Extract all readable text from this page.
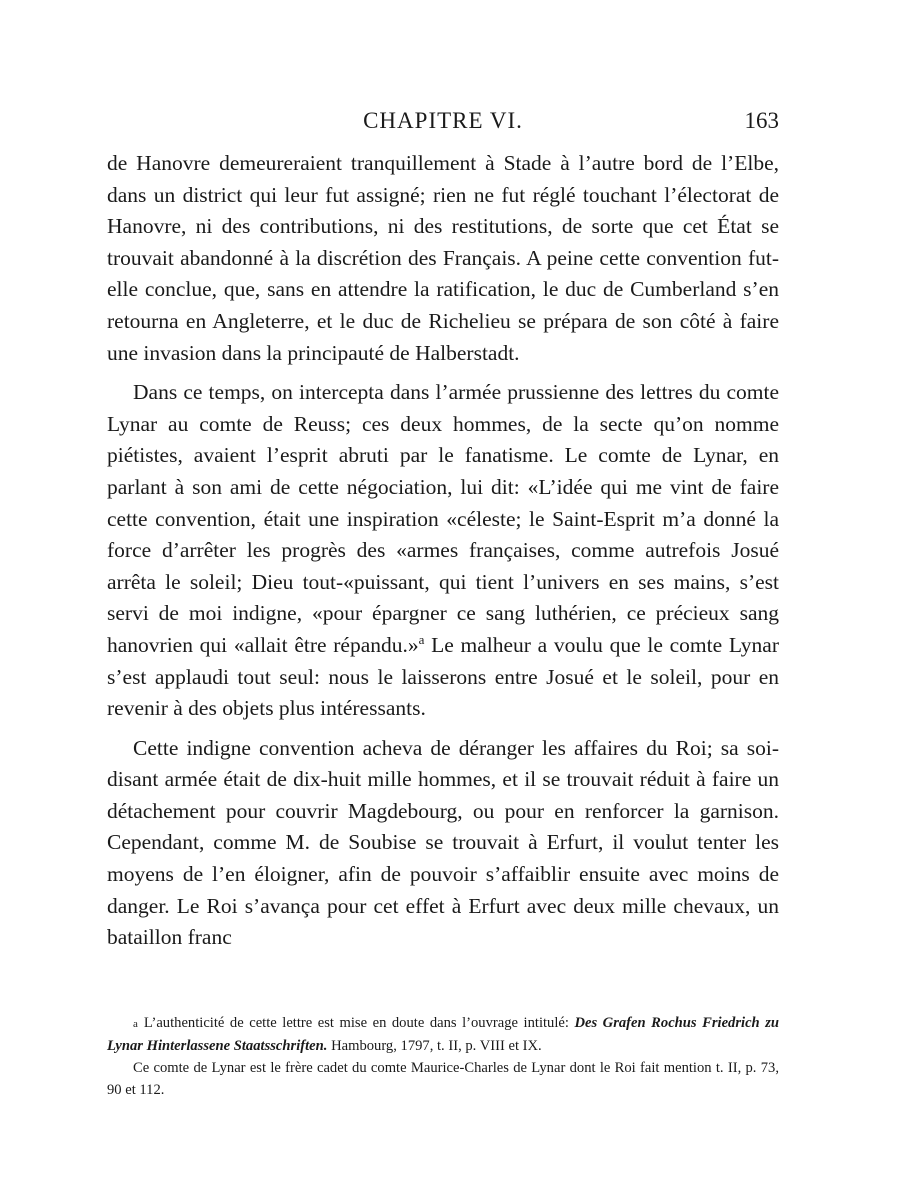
CHAPITRE VI.	163

de Hanovre demeureraient tranquillement à Stade à l’autre bord de l’Elbe, dans un district qui leur fut assigné; rien ne fut réglé touchant l’électorat de Hanovre, ni des contributions, ni des restitutions, de sorte que cet État se trouvait abandonné à la discrétion des Français. A peine cette convention fut-elle conclue, que, sans en attendre la ratification, le duc de Cumberland s’en retourna en Angleterre, et le duc de Richelieu se prépara de son côté à faire une invasion dans la principauté de Halberstadt.

Dans ce temps, on intercepta dans l’armée prussienne des lettres du comte Lynar au comte de Reuss; ces deux hommes, de la secte qu’on nomme piétistes, avaient l’esprit abruti par le fanatisme. Le comte de Lynar, en parlant à son ami de cette négociation, lui dit: «L’idée qui me vint de faire cette convention, était une inspiration «céleste; le Saint-Esprit m’a donné la force d’arrêter les progrès des «armes françaises, comme autrefois Josué arrêta le soleil; Dieu tout-«puissant, qui tient l’univers en ses mains, s’est servi de moi indigne, «pour épargner ce sang luthérien, ce précieux sang hanovrien qui «allait être répandu.»$^a$ Le malheur a voulu que le comte Lynar s’est applaudi tout seul: nous le laisserons entre Josué et le soleil, pour en revenir à des objets plus intéressants.

Cette indigne convention acheva de déranger les affaires du Roi; sa soi-disant armée était de dix-huit mille hommes, et il se trouvait réduit à faire un détachement pour couvrir Magdebourg, ou pour en renforcer la garnison. Cependant, comme M. de Soubise se trouvait à Erfurt, il voulut tenter les moyens de l’en éloigner, afin de pouvoir s’affaiblir ensuite avec moins de danger. Le Roi s’avança pour cet effet à Erfurt avec deux mille chevaux, un bataillon franc

a L’authenticité de cette lettre est mise en doute dans l’ouvrage intitulé: Des Grafen Rochus Friedrich zu Lynar Hinterlassene Staatsschriften. Hambourg, 1797, t. II, p. VIII et IX.

Ce comte de Lynar est le frère cadet du comte Maurice-Charles de Lynar dont le Roi fait mention t. II, p. 73, 90 et 112.
